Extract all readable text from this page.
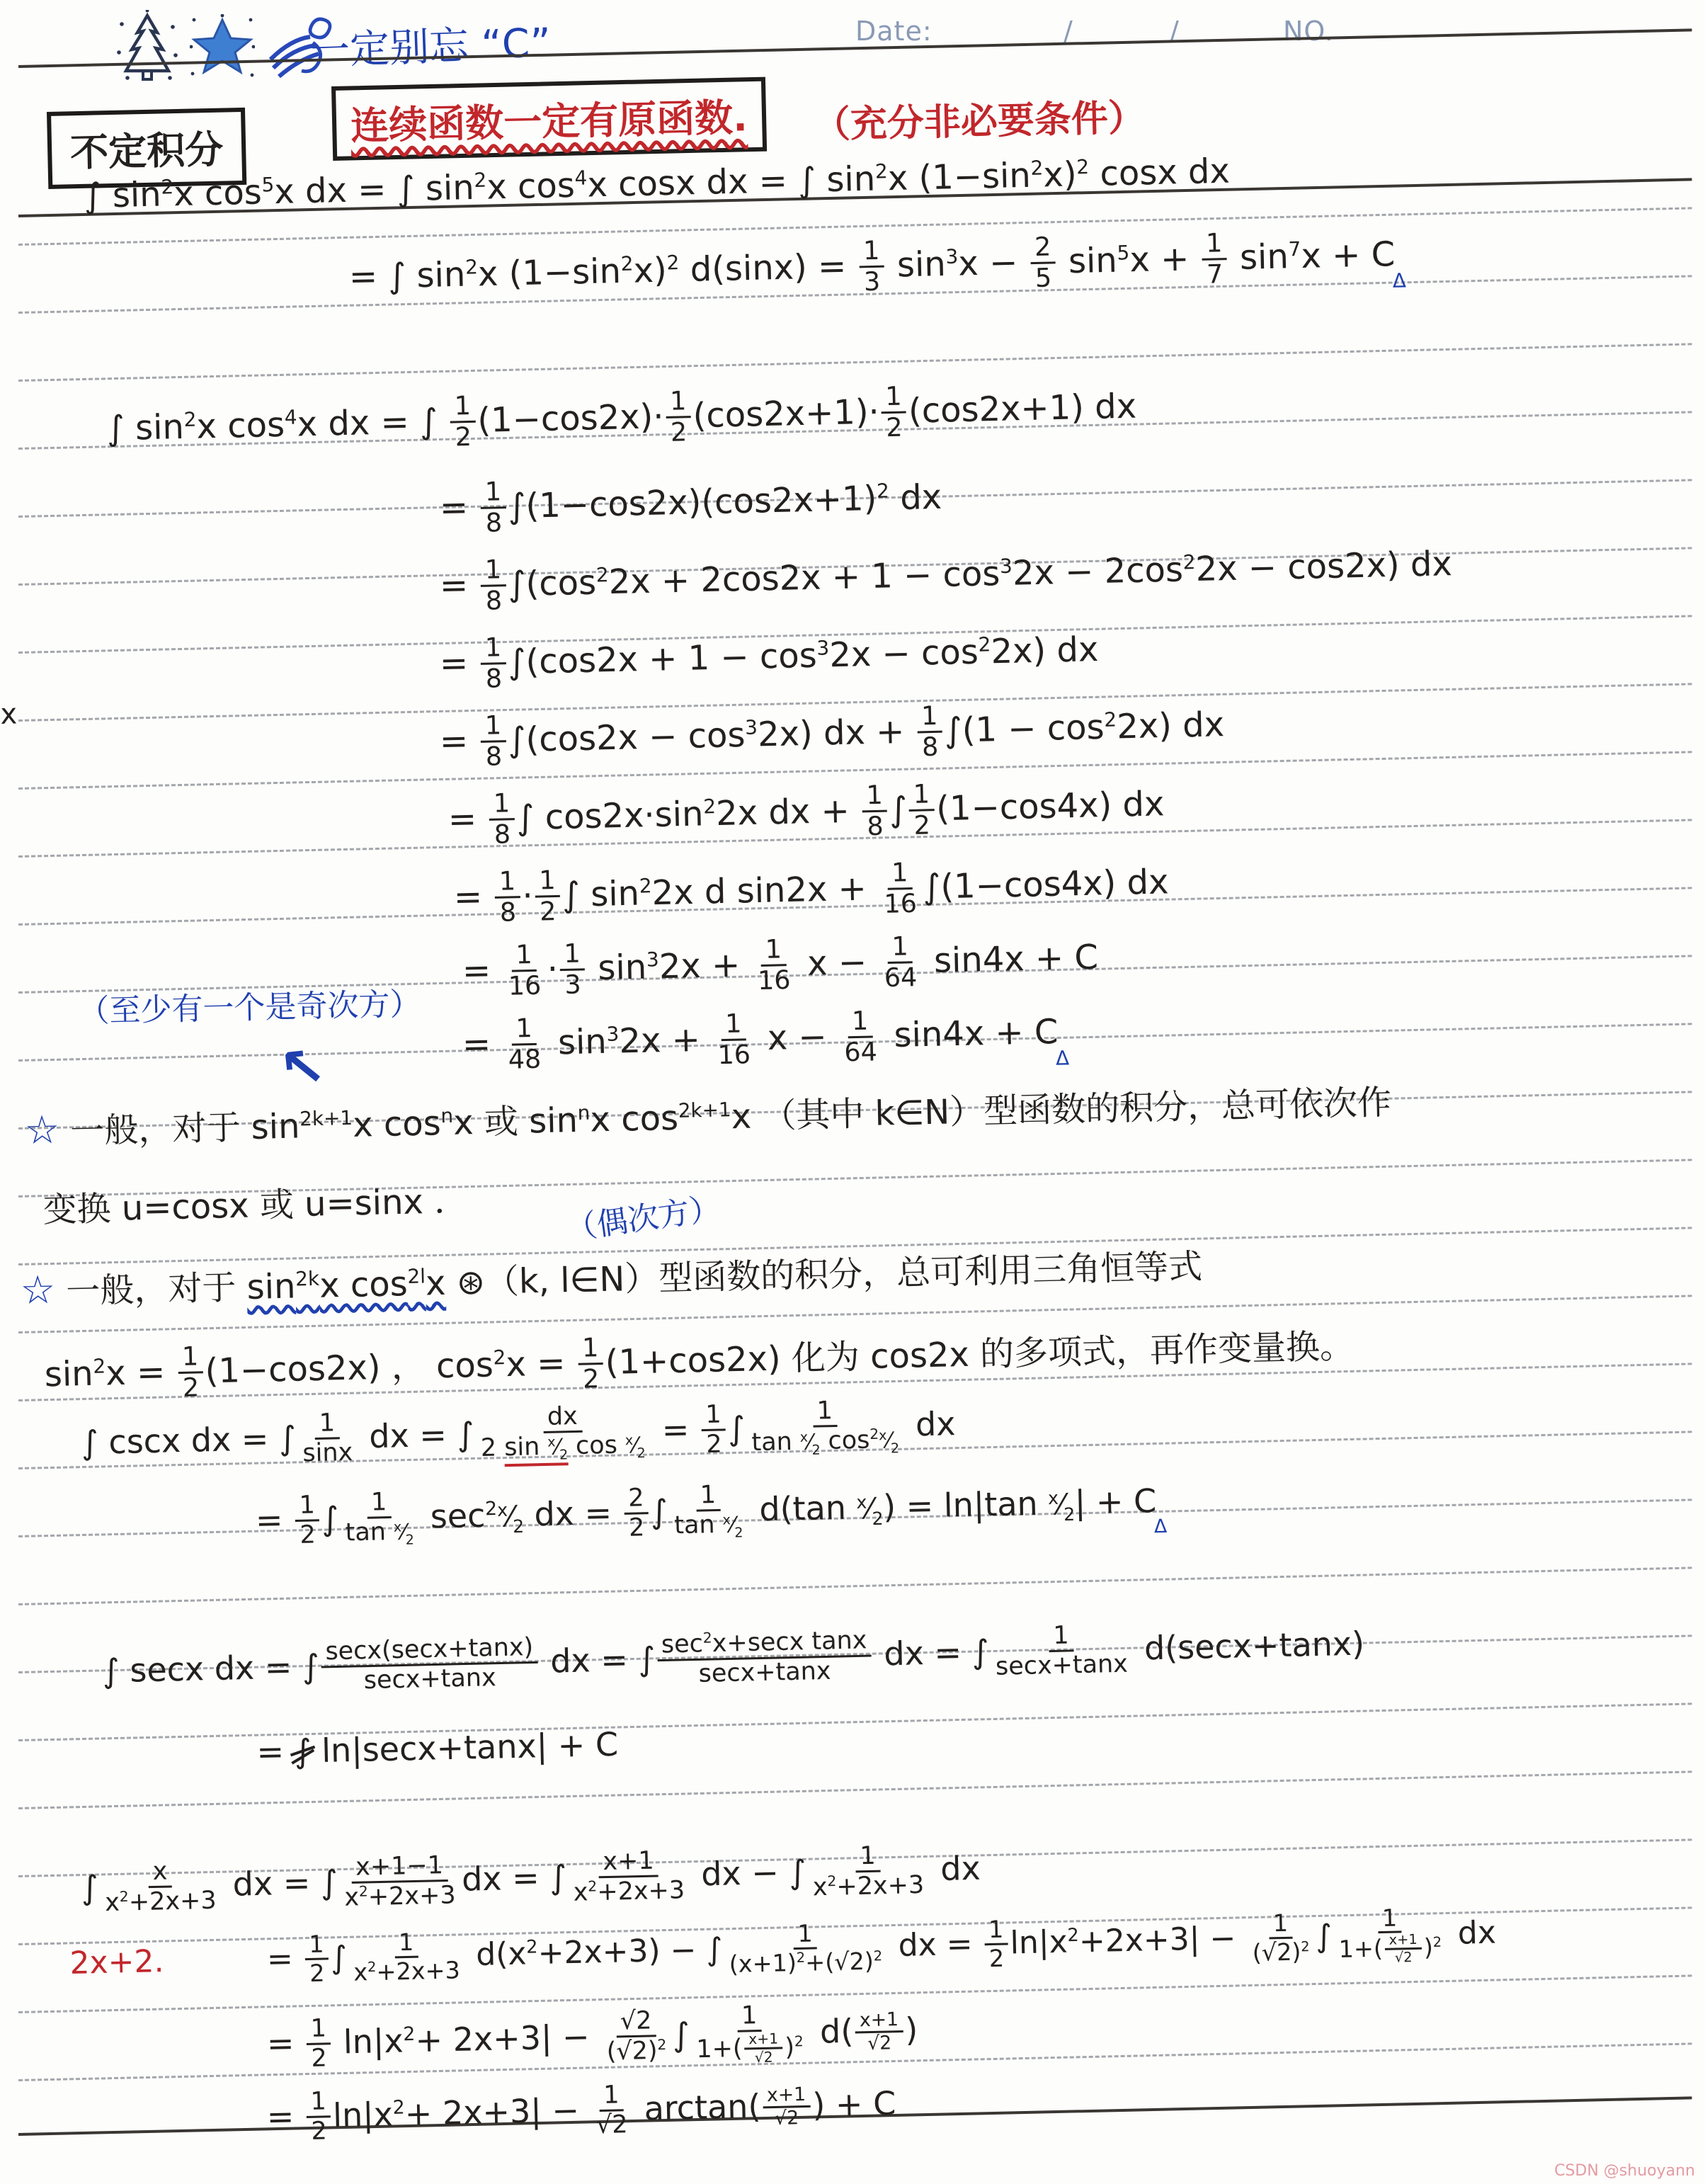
Date:	/	/	NO.
一定别忘 “C”
不定积分
连续函数一定有原函数.	（充分非必要条件）
∫ $\sin^2x$ $\cos^5x$ dx = ∫ $\sin^2x$ $\cos^4x$ cosx dx = ∫ $\sin^2x$ $(1-\sin^2x)^2$ cosx dx
= ∫ $\sin^2x$ $(1-\sin^2x)^2$ $d(\sin x) = \frac{1}{3} \sin^3x - \frac{2}{5} \sin^5x + \frac{1}{7} \sin^7x + C_\Delta$
∫ $\sin^2x$ $\cos^4x$ dx = ∫ $\frac{1}{2} (1-\cos 2x)\cdot \frac{1}{2} (\cos 2x+1)\cdot \frac{1}{2} (\cos 2x+1)$ dx
= $\frac{1}{8} \int(1-\cos 2x)(\cos 2x+1)^2$ dx
= $\frac{1}{8} \int(\cos^22x + 2\cos 2x + 1 - \cos^32x - 2\cos^22x - \cos 2x)$ dx
= $\frac{1}{8} \int(\cos 2x + 1 - \cos^32x - \cos^22x)$ dx
= $\frac{1}{8} \int(\cos 2x - \cos^32x)$ dx + $\frac{1}{8} \int(1 - \cos^22x)$ dx
= $\frac{1}{8}$ ∫ $\cos 2x\cdot\sin^22x$ dx + $\frac{1}{8}$ ∫ $\frac{1}{2} (1-\cos 4x)$ dx
= $\frac{1}{8} \cdot \frac{1}{2}$ ∫ $\sin^22x$ d $\sin 2x + \frac{1}{16} \int(1-\cos 4x)$ dx
= $\frac{1}{16} \cdot \frac{1}{3} \sin^32x + \frac{1}{16}$ $x - \frac{1}{64} \sin 4x + C$
（至少有一个是奇次方）
↖	= $\frac{1}{48} \sin^32x + \frac{1}{16}$ $x - \frac{1}{64} \sin 4x + C_\Delta$
☆ 一般，对于 $\sin^{2k+1}x$ $\cos^nx$ 或 $\sin^nx$ $\cos^{2k+1}x$ （其中 k∈N）型函数的积分，总可依次作
变换 u=cosx 或 u=sinx ．	（偶次方）
☆ 一般，对于 $\sin^{2k}x$ $\cos^{2l}x$ ⊛（k, l∈N）型函数的积分，总可利用三角恒等式
$\sin^2x = \frac{1}{2} (1-\cos 2x)$ ， $\cos^2x = \frac{1}{2} (1+\cos 2x)$ 化为 cos2x 的多项式，再作变量换。
∫ cscx dx = ∫ $\frac{1}{\sin x}$ dx = ∫ $\frac{dx}{2 \sin ^x⁄_2 \cos ^x⁄_2} = \frac{1}{2}$ ∫ $\frac{1}{\tan ^x⁄_2 \cos^{2x}⁄_2}$ dx
= $\frac{1}{2}$ ∫ $\frac{1}{\tan ^x⁄_2}$ $\sec^{2x}⁄_2$ dx = $\frac{2}{2}$ ∫ $\frac{1}{\tan ^x⁄_2} d(\tan$ $^x⁄_2) = \ln|\tan$ $^x⁄_2| + C_\Delta$
∫ secx dx = ∫ $\frac{\sec x(\sec x+\tan x)}{\sec x+\tan x}$ dx = ∫ $\frac{\sec^2x+\sec x \tan x}{\sec x+\tan x}$ dx = ∫ $\frac{1}{\sec x+\tan x} d(\sec x+\tan x)$
= ∫ ln|secx+tanx| + C
∫ $\frac{x}{x^2+2x+3}$ dx = ∫ $\frac{x+1-1}{x^2+2x+3}$ dx = ∫ $\frac{x+1}{x^2+2x+3}$ dx − ∫ $\frac{1}{x^2+2x+3}$ dx
2x+2.	= $\frac{1}{2}$ ∫ $\frac{1}{x^2+2x+3} d(x^2+2x+3)$ − ∫ $\frac{1}{(x+1)^2+(√2)^2}$ dx = $\frac{1}{2} \ln|x^2+2x+3| - \frac{1}{(√2)^2}$ ∫ $\frac{1}{1+( \frac{x+1}{√2} )^2}$ dx
= $\frac{1}{2} \ln|x^2+ 2x+3| - \frac{√2}{(√2)^2}$ ∫ $\frac{1}{1+( \frac{x+1}{√2} )^2} d( \frac{x+1}{√2}$ )
= $\frac{1}{2} \ln|x^2+ 2x+3| - \frac{1}{√2} \arctan( \frac{x+1}{√2}$ ) + C
x
CSDN @shuoyann
